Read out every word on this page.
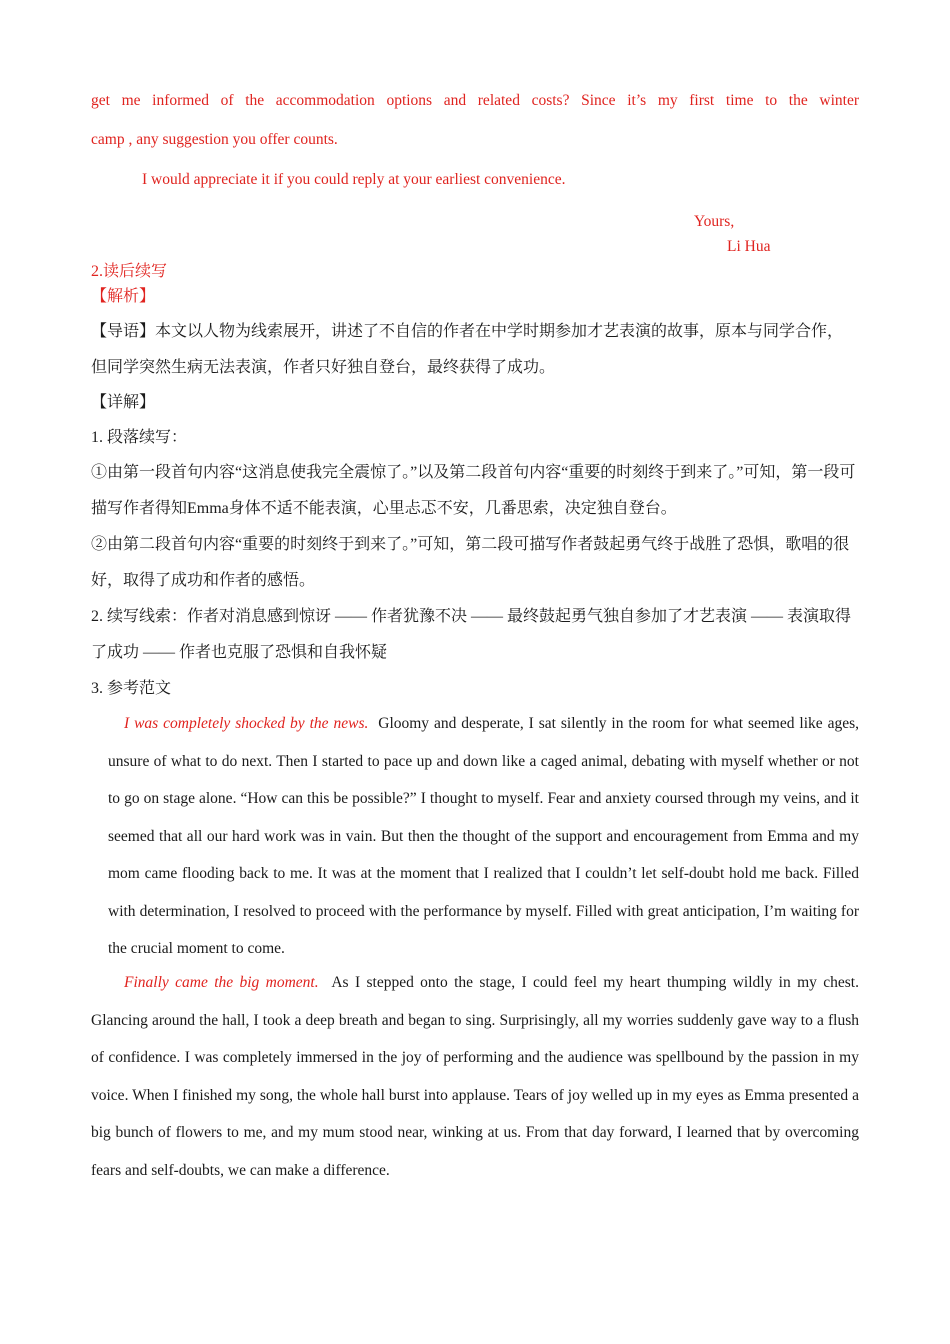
get me informed of the accommodation options and related costs? Since it’s my first time to the winter

camp , any suggestion you offer counts.

I would appreciate it if you could reply at your earliest convenience.

Yours,

Li Hua

2.读后续写

【解析】

【导语】本文以人物为线索展开，讲述了不自信的作者在中学时期参加才艺表演的故事，原本与同学合作，但同学突然生病无法表演，作者只好独自登台，最终获得了成功。

【详解】

1. 段落续写：

①由第一段首句内容“这消息使我完全震惊了。”以及第二段首句内容“重要的时刻终于到来了。”可知，第一段可描写作者得知Emma身体不适不能表演，心里忐忑不安，几番思索，决定独自登台。

②由第二段首句内容“重要的时刻终于到来了。”可知，第二段可描写作者鼓起勇气终于战胜了恐惧，歌唱的很好，取得了成功和作者的感悟。

2. 续写线索：作者对消息感到惊讶 —— 作者犹豫不决 —— 最终鼓起勇气独自参加了才艺表演 —— 表演取得了成功 —— 作者也克服了恐惧和自我怀疑

3. 参考范文

I was completely shocked by the news. Gloomy and desperate, I sat silently in the room for what seemed like ages, unsure of what to do next. Then I started to pace up and down like a caged animal, debating with myself whether or not to go on stage alone. “How can this be possible?” I thought to myself. Fear and anxiety coursed through my veins, and it seemed that all our hard work was in vain. But then the thought of the support and encouragement from Emma and my mom came flooding back to me. It was at the moment that I realized that I couldn’t let self-doubt hold me back. Filled with determination, I resolved to proceed with the performance by myself. Filled with great anticipation, I’m waiting for the crucial moment to come.

Finally came the big moment. As I stepped onto the stage, I could feel my heart thumping wildly in my chest. Glancing around the hall, I took a deep breath and began to sing. Surprisingly, all my worries suddenly gave way to a flush of confidence. I was completely immersed in the joy of performing and the audience was spellbound by the passion in my voice. When I finished my song, the whole hall burst into applause. Tears of joy welled up in my eyes as Emma presented a big bunch of flowers to me, and my mum stood near, winking at us. From that day forward, I learned that by overcoming fears and self-doubts, we can make a difference.
